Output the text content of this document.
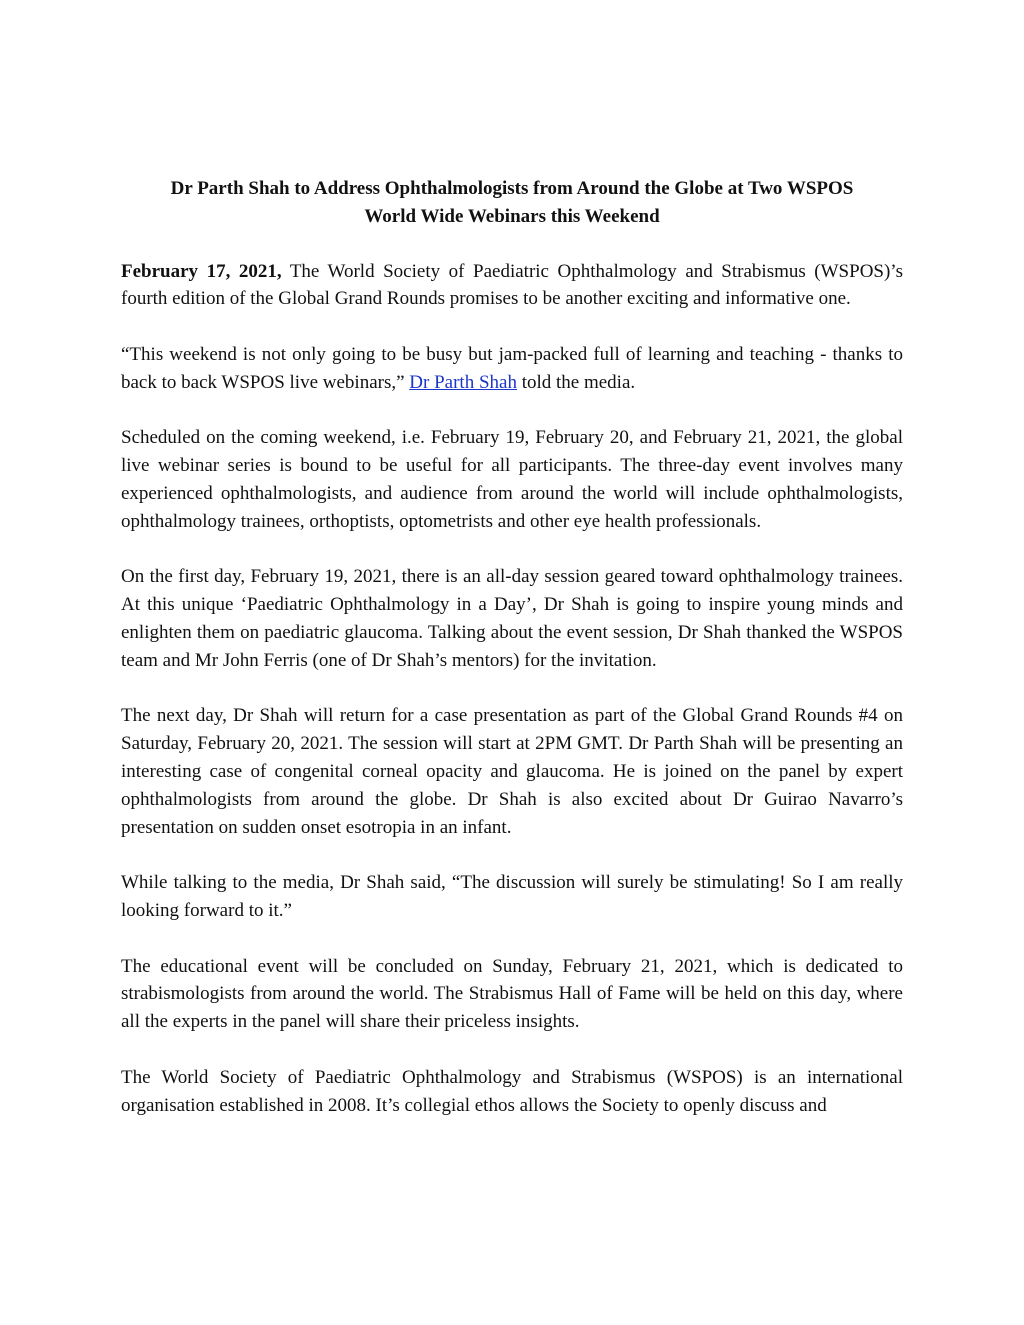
Dr Parth Shah to Address Ophthalmologists from Around the Globe at Two WSPOS
World Wide Webinars this Weekend

February 17, 2021, The World Society of Paediatric Ophthalmology and Strabismus (WSPOS)’s fourth edition of the Global Grand Rounds promises to be another exciting and informative one.

“This weekend is not only going to be busy but jam-packed full of learning and teaching - thanks to back to back WSPOS live webinars,” Dr Parth Shah told the media.

Scheduled on the coming weekend, i.e. February 19, February 20, and February 21, 2021, the global live webinar series is bound to be useful for all participants. The three-day event involves many experienced ophthalmologists, and audience from around the world will include ophthalmologists, ophthalmology trainees, orthoptists, optometrists and other eye health professionals.

On the first day, February 19, 2021, there is an all-day session geared toward ophthalmology trainees. At this unique ‘Paediatric Ophthalmology in a Day’, Dr Shah is going to inspire young minds and enlighten them on paediatric glaucoma. Talking about the event session, Dr Shah thanked the WSPOS team and Mr John Ferris (one of Dr Shah’s mentors) for the invitation.

The next day, Dr Shah will return for a case presentation as part of the Global Grand Rounds #4 on Saturday, February 20, 2021. The session will start at 2PM GMT. Dr Parth Shah will be presenting an interesting case of congenital corneal opacity and glaucoma. He is joined on the panel by expert ophthalmologists from around the globe. Dr Shah is also excited about Dr Guirao Navarro’s presentation on sudden onset esotropia in an infant.

While talking to the media, Dr Shah said, “The discussion will surely be stimulating! So I am really looking forward to it.”

The educational event will be concluded on Sunday, February 21, 2021, which is dedicated to strabismologists from around the world. The Strabismus Hall of Fame will be held on this day, where all the experts in the panel will share their priceless insights.

The World Society of Paediatric Ophthalmology and Strabismus (WSPOS) is an international organisation established in 2008. It’s collegial ethos allows the Society to openly discuss and
